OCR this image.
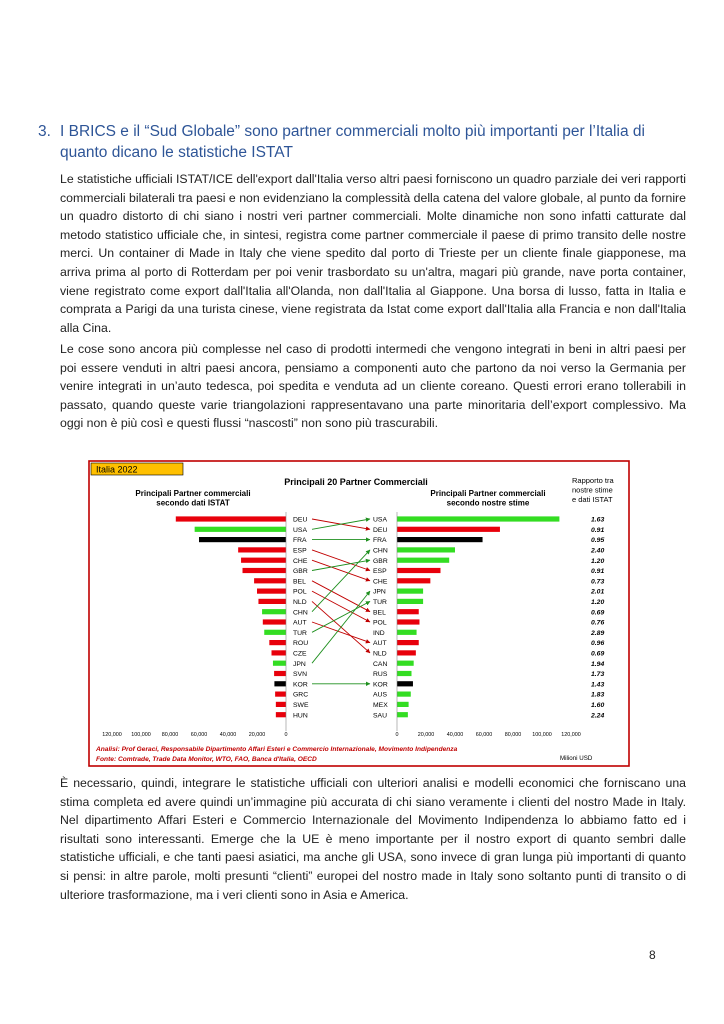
3. I BRICS e il “Sud Globale” sono partner commerciali molto più importanti per l’Italia di quanto dicano le statistiche ISTAT
Le statistiche ufficiali ISTAT/ICE dell'export dall'Italia verso altri paesi forniscono un quadro parziale dei veri rapporti commerciali bilaterali tra paesi e non evidenziano la complessità della catena del valore globale, al punto da fornire un quadro distorto di chi siano i nostri veri partner commerciali. Molte dinamiche non sono infatti catturate dal metodo statistico ufficiale che, in sintesi, registra come partner commerciale il paese di primo transito delle nostre merci. Un container di Made in Italy che viene spedito dal porto di Trieste per un cliente finale giapponese, ma arriva prima al porto di Rotterdam per poi venir trasbordato su un'altra, magari più grande, nave porta container, viene registrato come export dall'Italia all'Olanda, non dall'Italia al Giappone. Una borsa di lusso, fatta in Italia e comprata a Parigi da una turista cinese, viene registrata da Istat come export dall'Italia alla Francia e non dall'Italia alla Cina.
Le cose sono ancora più complesse nel caso di prodotti intermedi che vengono integrati in beni in altri paesi per poi essere venduti in altri paesi ancora, pensiamo a componenti auto che partono da noi verso la Germania per venire integrati in un’auto tedesca, poi spedita e venduta ad un cliente coreano. Questi errori erano tollerabili in passato, quando queste varie triangolazioni rappresentavano una parte minoritaria dell’export complessivo. Ma oggi non è più così e questi flussi “nascosti” non sono più trascurabili.
Italia 2022
Principali 20 Partner Commerciali
Principali Partner commerciali secondo dati ISTAT
Principali Partner commerciali secondo nostre stime
Rapporto tra nostre stime e dati ISTAT
DEU
USA
FRA
ESP
CHE
GBR
BEL
POL
NLD
CHN
AUT
TUR
ROU
CZE
JPN
SVN
KOR
GRC
SWE
HUN
USA	1.63
DEU	0.91
FRA	0.95
CHN	2.40
GBR	1.20
ESP	0.91
CHE	0.73
JPN	2.01
TUR	1.20
BEL	0.69
POL	0.76
IND	2.89
AUT	0.96
NLD	0.69
CAN	1.94
RUS	1.73
KOR	1.43
AUS	1.83
MEX	1.60
SAU	2.24
0
20,000
40,000
60,000
80,000
100,000
120,000	0	20,000 40,000 60,000 80,000 100,000 120,000
Analisi: Prof Geraci, Responsabile Dipartimento Affari Esteri e Commercio Internazionale, Movimento Indipendenza
Fonte: Comtrade, Trade Data Monitor, WTO, FAO, Banca d'Italia, OECD	Milioni USD
È necessario, quindi, integrare le statistiche ufficiali con ulteriori analisi e modelli economici che forniscano una stima completa ed avere quindi un’immagine più accurata di chi siano veramente i clienti del nostro Made in Italy. Nel dipartimento Affari Esteri e Commercio Internazionale del Movimento Indipendenza lo abbiamo fatto ed i risultati sono interessanti. Emerge che la UE è meno importante per il nostro export di quanto sembri dalle statistiche ufficiali, e che tanti paesi asiatici, ma anche gli USA, sono invece di gran lunga più importanti di quanto si pensi: in altre parole, molti presunti “clienti” europei del nostro made in Italy sono soltanto punti di transito o di ulteriore trasformazione, ma i veri clienti sono in Asia e America.
8
